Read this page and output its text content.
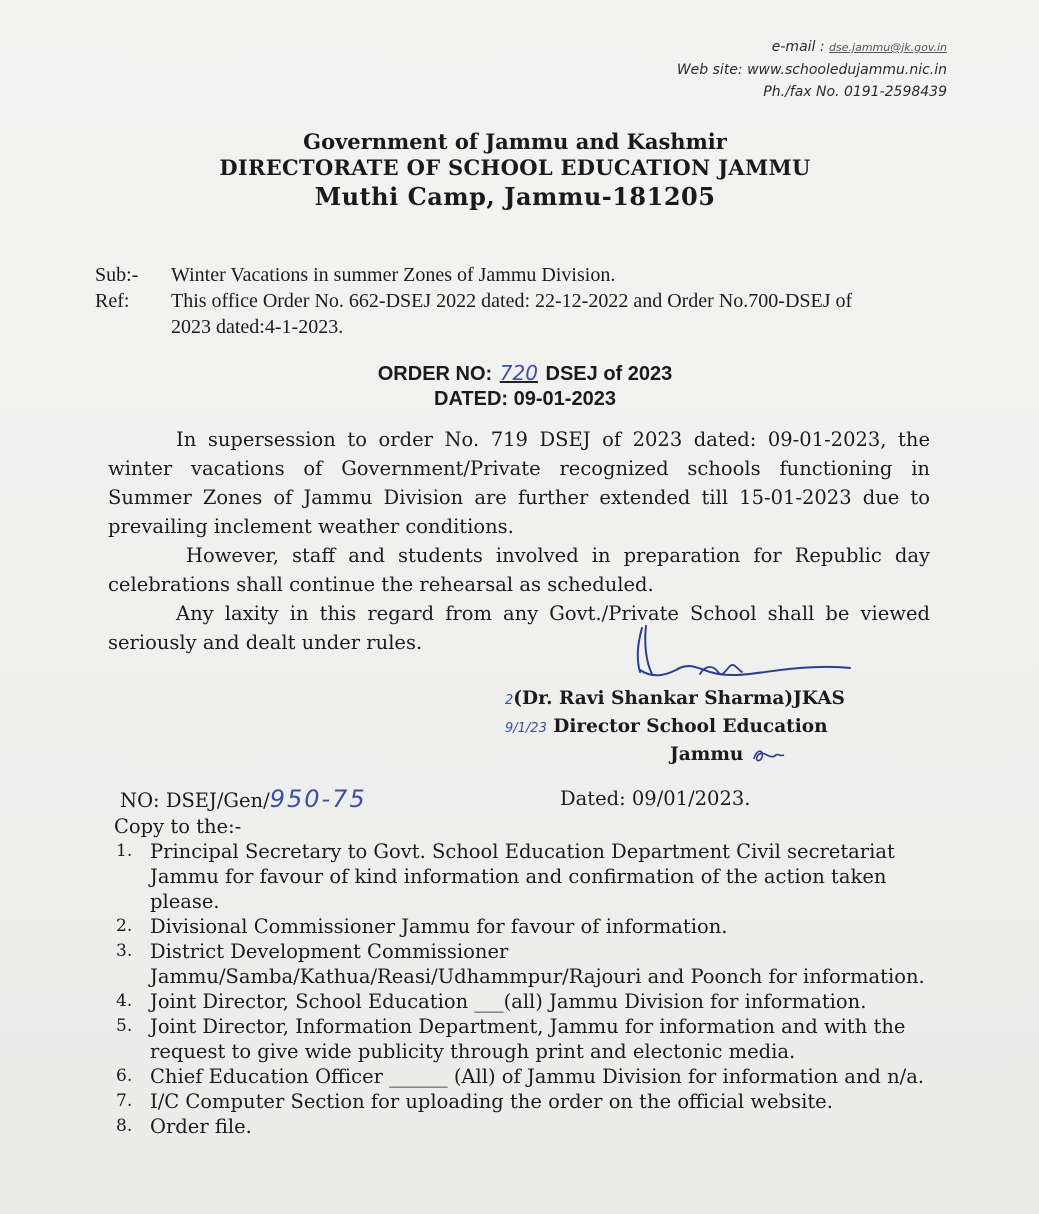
e-mail : dse.jammu@jk.gov.in
Web site: www.schooledujammu.nic.in
Ph./fax No. 0191-2598439
Government of Jammu and Kashmir
DIRECTORATE OF SCHOOL EDUCATION JAMMU
Muthi Camp, Jammu-181205
Sub:- Winter Vacations in summer Zones of Jammu Division.
Ref: This office Order No. 662-DSEJ 2022 dated: 22-12-2022 and Order No.700-DSEJ of 2023 dated:4-1-2023.
ORDER NO: 720 DSEJ of 2023
DATED: 09-01-2023

In supersession to order No. 719 DSEJ of 2023 dated: 09-01-2023, the winter vacations of Government/Private recognized schools functioning in Summer Zones of Jammu Division are further extended till 15-01-2023 due to prevailing inclement weather conditions.

However, staff and students involved in preparation for Republic day celebrations shall continue the rehearsal as scheduled.

Any laxity in this regard from any Govt./Private School shall be viewed seriously and dealt under rules.

2(Dr. Ravi Shankar Sharma)JKAS
9/1/23 Director School Education
Jammu
NO: DSEJ/Gen/950-75	Dated: 09/01/2023.
Copy to the:-
1. Principal Secretary to Govt. School Education Department Civil secretariat Jammu for favour of kind information and confirmation of the action taken please.
2. Divisional Commissioner Jammu for favour of information.
3. District Development Commissioner Jammu/Samba/Kathua/Reasi/Udhammpur/Rajouri and Poonch for information.
4. Joint Director, School Education ___(all) Jammu Division for information.
5. Joint Director, Information Department, Jammu for information and with the request to give wide publicity through print and electonic media.
6. Chief Education Officer ______ (All) of Jammu Division for information and n/a.
7. I/C Computer Section for uploading the order on the official website.
8. Order file.
